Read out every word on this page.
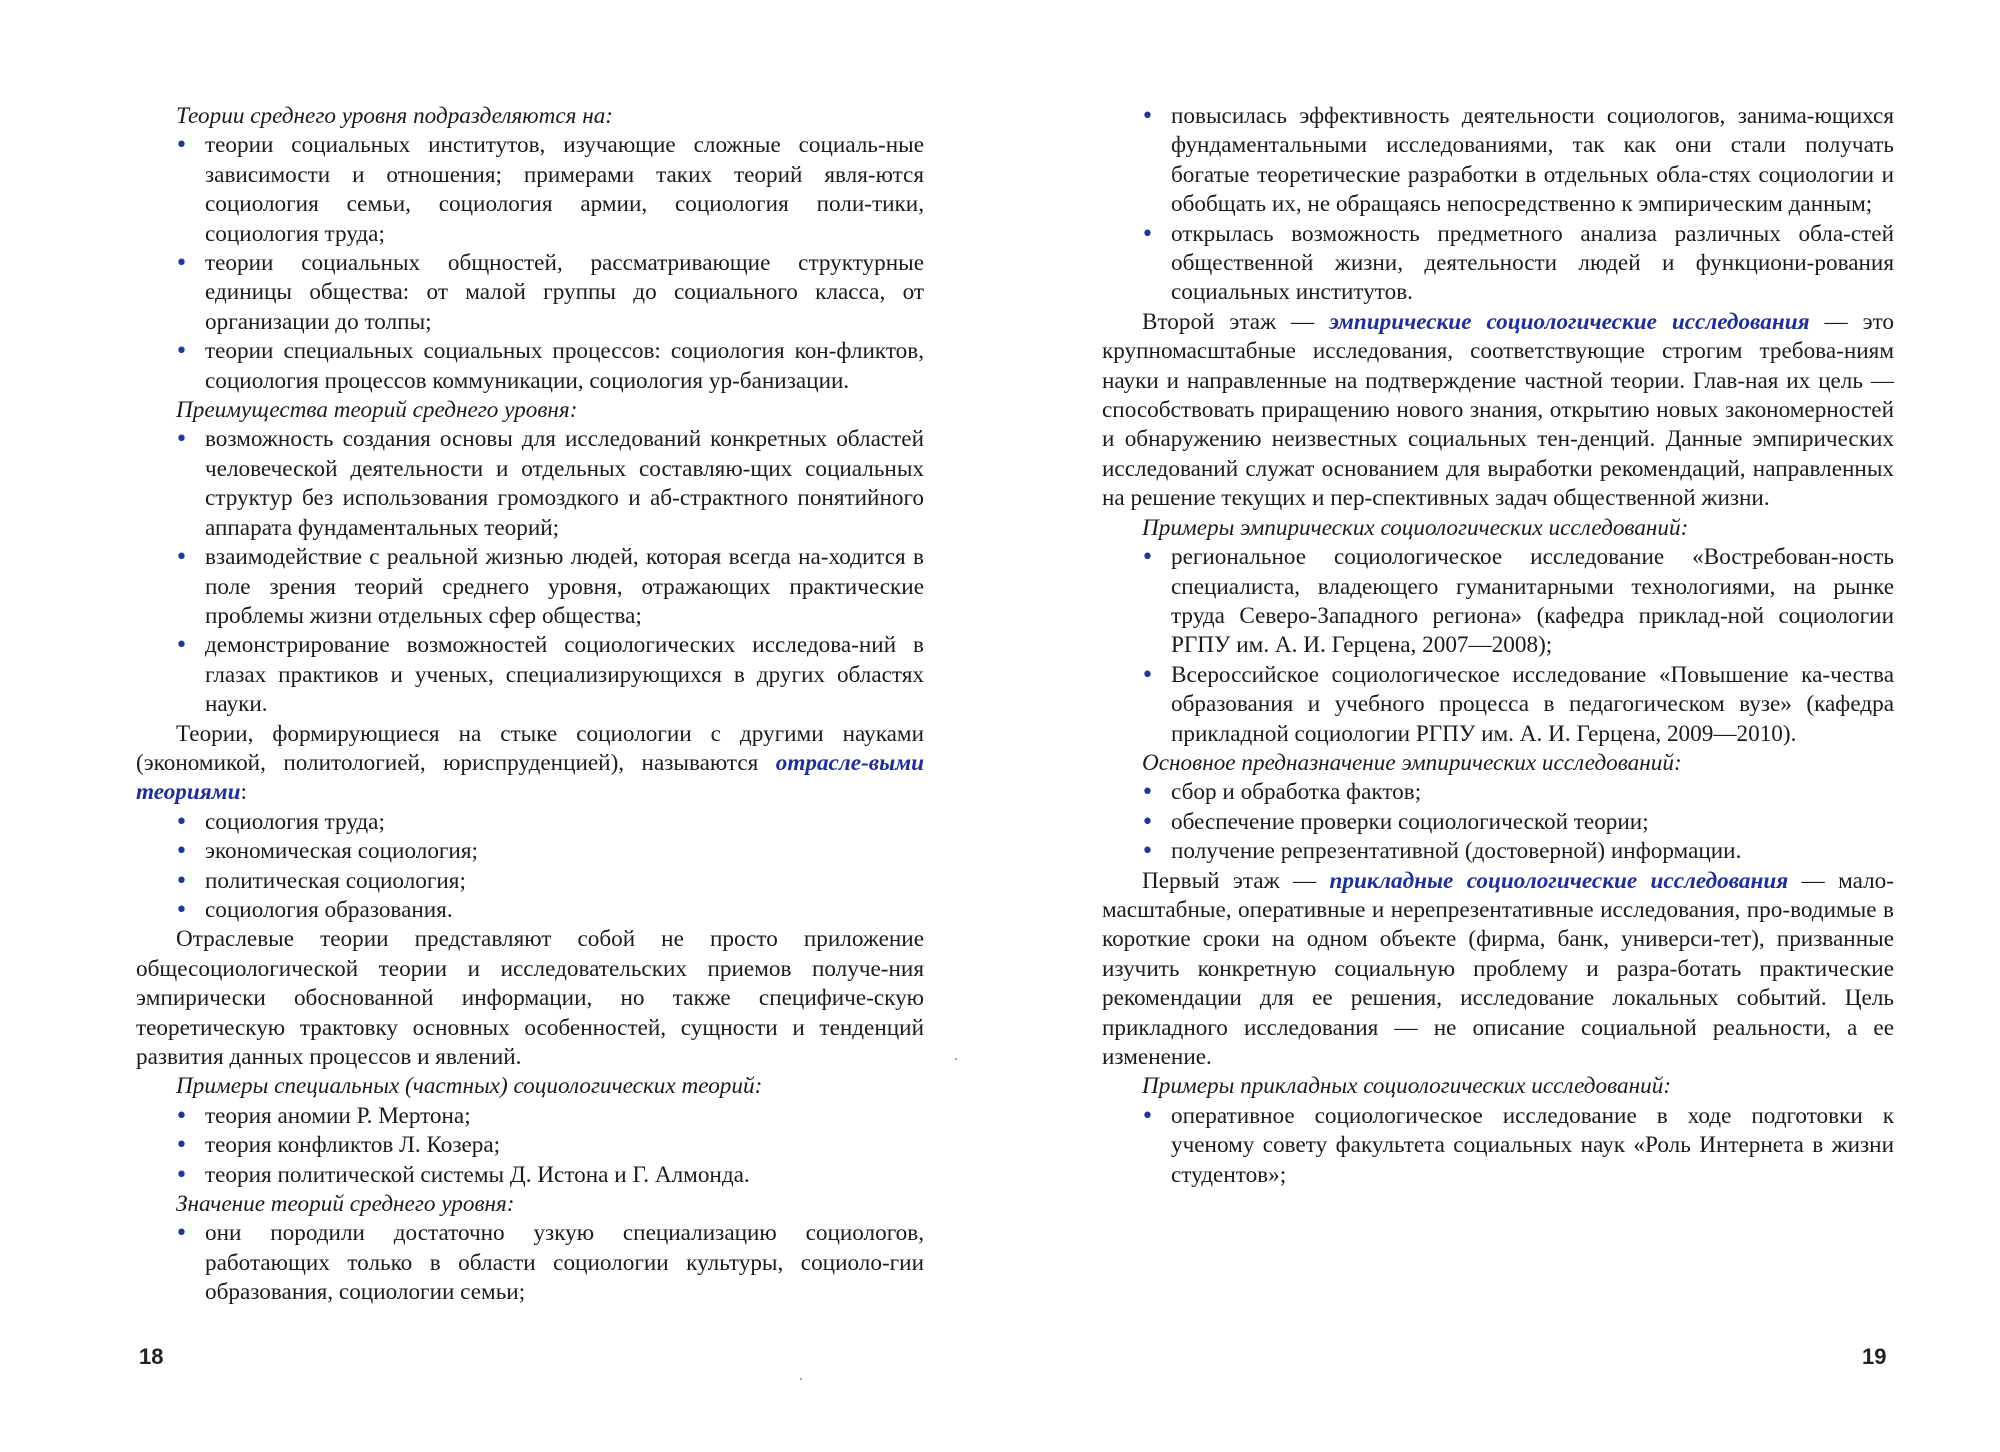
Теории среднего уровня подразделяются на:

• теории социальных институтов, изучающие сложные социаль-ные зависимости и отношения; примерами таких теорий явля-ются социология семьи, социология армии, социология поли-тики, социология труда;
• теории социальных общностей, рассматривающие структурные единицы общества: от малой группы до социального класса, от организации до толпы;
• теории специальных социальных процессов: социология кон-фликтов, социология процессов коммуникации, социология ур-банизации.

Преимущества теорий среднего уровня:

• возможность создания основы для исследований конкретных областей человеческой деятельности и отдельных составляю-щих социальных структур без использования громоздкого и аб-страктного понятийного аппарата фундаментальных теорий;
• взаимодействие с реальной жизнью людей, которая всегда на-ходится в поле зрения теорий среднего уровня, отражающих практические проблемы жизни отдельных сфер общества;
• демонстрирование возможностей социологических исследова-ний в глазах практиков и ученых, специализирующихся в других областях науки.

Теории, формирующиеся на стыке социологии с другими науками (экономикой, политологией, юриспруденцией), называются отрасле-выми теориями:

• социология труда;
• экономическая социология;
• политическая социология;
• социология образования.

Отраслевые теории представляют собой не просто приложение общесоциологической теории и исследовательских приемов получе-ния эмпирически обоснованной информации, но также специфиче-скую теоретическую трактовку основных особенностей, сущности и тенденций развития данных процессов и явлений.

Примеры специальных (частных) социологических теорий:

• теория аномии Р. Мертона;
• теория конфликтов Л. Козера;
• теория политической системы Д. Истона и Г. Алмонда.

Значение теорий среднего уровня:

• они породили достаточно узкую специализацию социологов, работающих только в области социологии культуры, социоло-гии образования, социологии семьи;
• повысилась эффективность деятельности социологов, занима-ющихся фундаментальными исследованиями, так как они стали получать богатые теоретические разработки в отдельных обла-стях социологии и обобщать их, не обращаясь непосредственно к эмпирическим данным;
• открылась возможность предметного анализа различных обла-стей общественной жизни, деятельности людей и функциони-рования социальных институтов.

Второй этаж — эмпирические социологические исследования — это крупномасштабные исследования, соответствующие строгим требова-ниям науки и направленные на подтверждение частной теории. Глав-ная их цель — способствовать приращению нового знания, открытию новых закономерностей и обнаружению неизвестных социальных тен-денций. Данные эмпирических исследований служат основанием для выработки рекомендаций, направленных на решение текущих и пер-спективных задач общественной жизни.

Примеры эмпирических социологических исследований:

• региональное социологическое исследование «Востребован-ность специалиста, владеющего гуманитарными технологиями, на рынке труда Северо-Западного региона» (кафедра приклад-ной социологии РГПУ им. А. И. Герцена, 2007—2008);
• Всероссийское социологическое исследование «Повышение ка-чества образования и учебного процесса в педагогическом вузе» (кафедра прикладной социологии РГПУ им. А. И. Герцена, 2009—2010).

Основное предназначение эмпирических исследований:

• сбор и обработка фактов;
• обеспечение проверки социологической теории;
• получение репрезентативной (достоверной) информации.

Первый этаж — прикладные социологические исследования — мало-масштабные, оперативные и нерепрезентативные исследования, про-водимые в короткие сроки на одном объекте (фирма, банк, универси-тет), призванные изучить конкретную социальную проблему и разра-ботать практические рекомендации для ее решения, исследование локальных событий. Цель прикладного исследования — не описание социальной реальности, а ее изменение.

Примеры прикладных социологических исследований:

• оперативное социологическое исследование в ходе подготовки к ученому совету факультета социальных наук «Роль Интернета в жизни студентов»;
18	19
